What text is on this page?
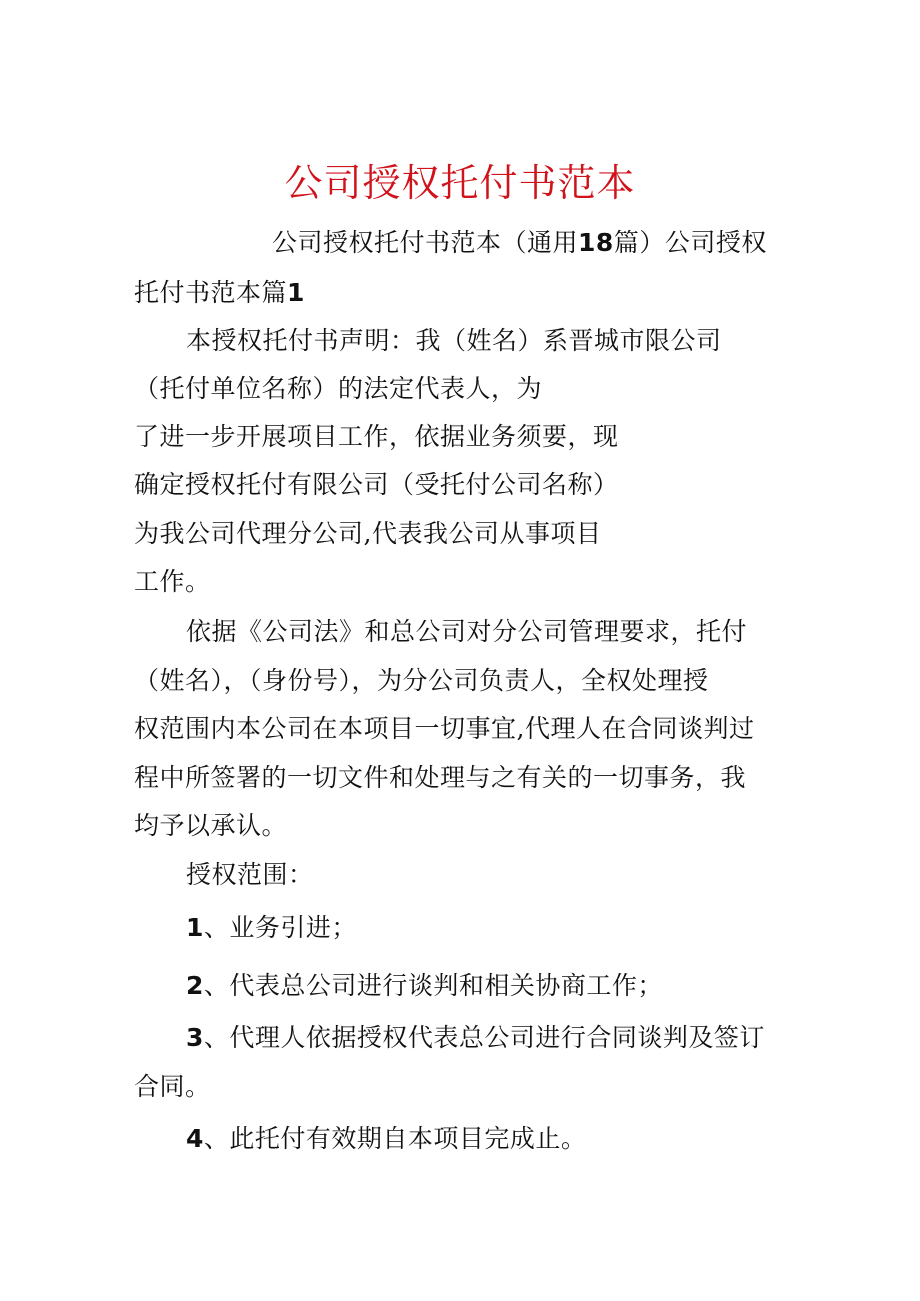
公司授权托付书范本
公司授权托付书范本（通用18篇）公司授权
托付书范本篇1
本授权托付书声明：我（姓名）系晋城市限公司
（托付单位名称）的法定代表人，为
了进一步开展项目工作，依据业务须要，现
确定授权托付有限公司（受托付公司名称）
为我公司代理分公司,代表我公司从事项目
工作。
依据《公司法》和总公司对分公司管理要求，托付
（姓名），（身份号），为分公司负责人，全权处理授
权范围内本公司在本项目一切事宜,代理人在合同谈判过
程中所签署的一切文件和处理与之有关的一切事务，我
均予以承认。
授权范围：
1、业务引进；
2、代表总公司进行谈判和相关协商工作；
3、代理人依据授权代表总公司进行合同谈判及签订
合同。
4、此托付有效期自本项目完成止。
